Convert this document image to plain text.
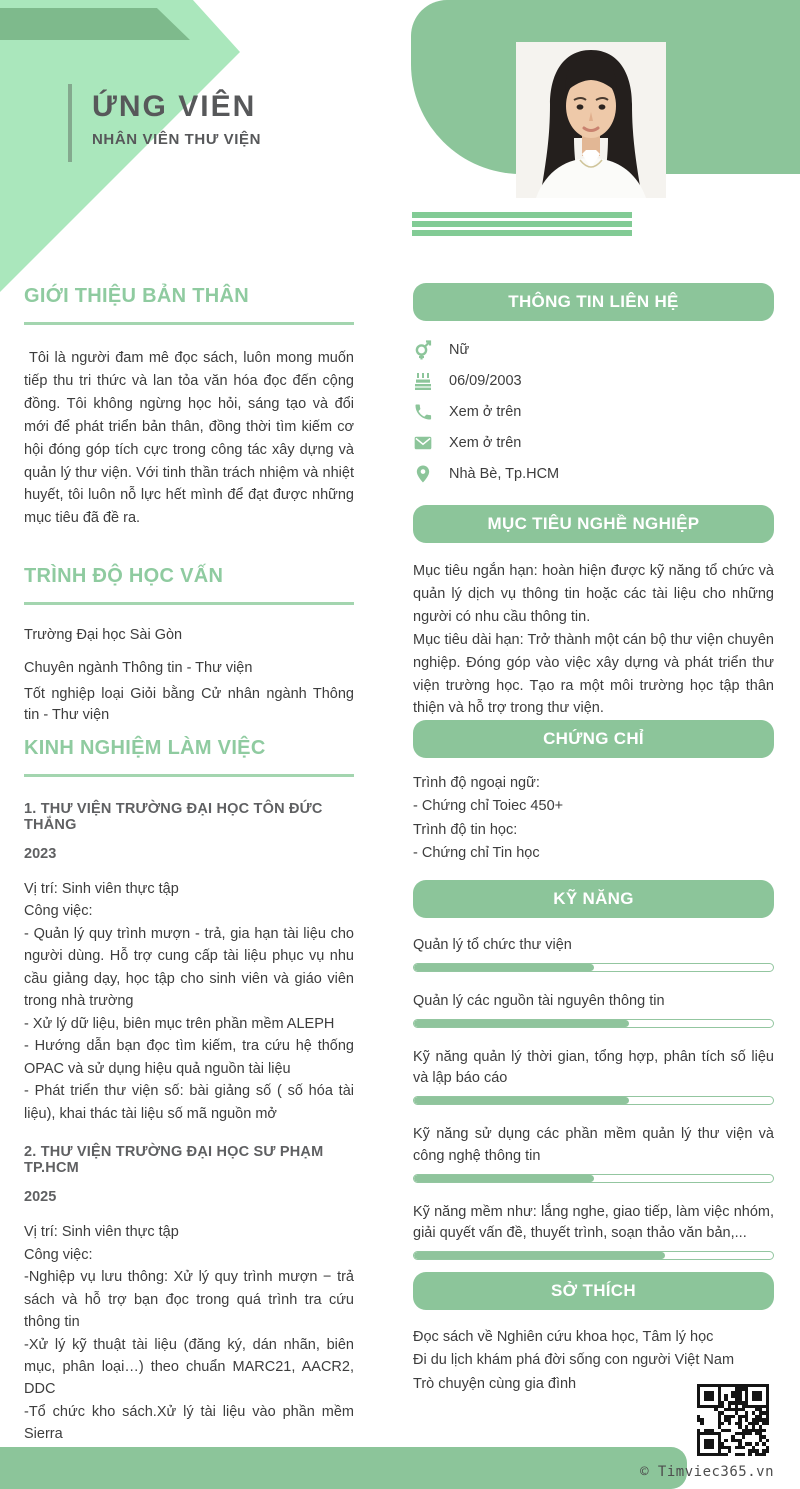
ỨNG VIÊN
NHÂN VIÊN THƯ VIỆN
GIỚI THIỆU BẢN THÂN
Tôi là người đam mê đọc sách, luôn mong muốn tiếp thu tri thức và lan tỏa văn hóa đọc đến cộng đồng. Tôi không ngừng học hỏi, sáng tạo và đổi mới để phát triển bản thân, đồng thời tìm kiếm cơ hội đóng góp tích cực trong công tác xây dựng và quản lý thư viện. Với tinh thần trách nhiệm và nhiệt huyết, tôi luôn nỗ lực hết mình để đạt được những mục tiêu đã đề ra.
TRÌNH ĐỘ HỌC VẤN
Trường Đại học Sài Gòn
Chuyên ngành Thông tin - Thư viện
Tốt nghiệp loại Giỏi bằng Cử nhân ngành Thông tin - Thư viện
KINH NGHIỆM LÀM VIỆC
1. THƯ VIỆN TRƯỜNG ĐẠI HỌC TÔN ĐỨC THẮNG
2023
Vị trí: Sinh viên thực tập
Công việc:
- Quản lý quy trình mượn - trả, gia hạn tài liệu cho người dùng. Hỗ trợ cung cấp tài liệu phục vụ nhu cầu giảng dạy, học tập cho sinh viên và giáo viên trong nhà trường
- Xử lý dữ liệu, biên mục trên phần mềm ALEPH
- Hướng dẫn bạn đọc tìm kiếm, tra cứu hệ thống OPAC và sử dụng hiệu quả nguồn tài liệu
- Phát triển thư viện số: bài giảng số ( số hóa tài liệu), khai thác tài liệu số mã nguồn mở
2. THƯ VIỆN TRƯỜNG ĐẠI HỌC SƯ PHẠM TP.HCM
2025
Vị trí: Sinh viên thực tập
Công việc:
-Nghiệp vụ lưu thông: Xử lý quy trình mượn − trả sách và hỗ trợ bạn đọc trong quá trình tra cứu thông tin
-Xử lý kỹ thuật tài liệu (đăng ký, dán nhãn, biên mục, phân loại…) theo chuẩn MARC21, AACR2, DDC
-Tổ chức kho sách.Xử lý tài liệu vào phần mềm Sierra
THÔNG TIN LIÊN HỆ
Nữ
06/09/2003
Xem ở trên
Xem ở trên
Nhà Bè, Tp.HCM
MỤC TIÊU NGHỀ NGHIỆP
Mục tiêu ngắn hạn: hoàn hiện được kỹ năng tổ chức và quản lý dịch vụ thông tin hoặc các tài liệu cho những người có nhu cầu thông tin.
Mục tiêu dài hạn: Trở thành một cán bộ thư viện chuyên nghiệp. Đóng góp vào việc xây dựng và phát triển thư viện trường học. Tạo ra một môi trường học tập thân thiện và hỗ trợ trong thư viện.
CHỨNG CHỈ
Trình độ ngoại ngữ:
- Chứng chỉ Toiec 450+
Trình độ tin học:
- Chứng chỉ Tin học
KỸ NĂNG
Quản lý tổ chức thư viện
Quản lý các nguồn tài nguyên thông tin
Kỹ năng quản lý thời gian, tổng hợp, phân tích số liệu và lập báo cáo
Kỹ năng sử dụng các phần mềm quản lý thư viện và công nghệ thông tin
Kỹ năng mềm như: lắng nghe, giao tiếp, làm việc nhóm, giải quyết vấn đề, thuyết trình, soạn thảo văn bản,...
SỞ THÍCH
Đọc sách về Nghiên cứu khoa học, Tâm lý học
Đi du lịch khám phá đời sống con người Việt Nam
Trò chuyện cùng gia đình
© Timviec365.vn
